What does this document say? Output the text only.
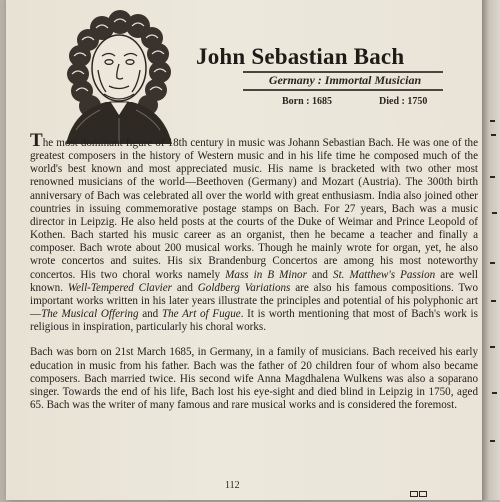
John Sebastian Bach
Germany : Immortal Musician
Born : 1685	Died : 1750

The most dominant figure of 18th century in music was Johann Sebastian Bach. He was one of the greatest composers in the history of Western music and in his life time he composed much of the world's best known and most appreciated music. His name is bracketed with two other most renowned musicians of the world—Beethoven (Germany) and Mozart (Austria). The 300th birth anniversary of Bach was celebrated all over the world with great enthusiasm. India also joined other countries in issuing commemorative postage stamps on Bach. For 27 years, Bach was a music director in Leipzig. He also held posts at the courts of the Duke of Weimar and Prince Leopold of Kothen. Bach started his music career as an organist, then he became a teacher and finally a composer. Bach wrote about 200 musical works. Though he mainly wrote for organ, yet, he also wrote concertos and suites. His six Brandenburg Concertos are among his most noteworthy concertos. His two choral works namely Mass in B Minor and St. Matthew's Passion are well known. Well-Tempered Clavier and Goldberg Variations are also his famous compositions. Two important works written in his later years illustrate the principles and potential of his polyphonic art—The Musical Offering and The Art of Fugue. It is worth mentioning that most of Bach's work is religious in inspiration, particularly his choral works.

Bach was born on 21st March 1685, in Germany, in a family of musicians. Bach received his early education in music from his father. Bach was the father of 20 children four of whom also became composers. Bach married twice. His second wife Anna Magdhalena Wulkens was also a soparano singer. Towards the end of his life, Bach lost his eye-sight and died blind in Leipzig in 1750, aged 65. Bach was the writer of many famous and rare musical works and is considered the foremost.

112
